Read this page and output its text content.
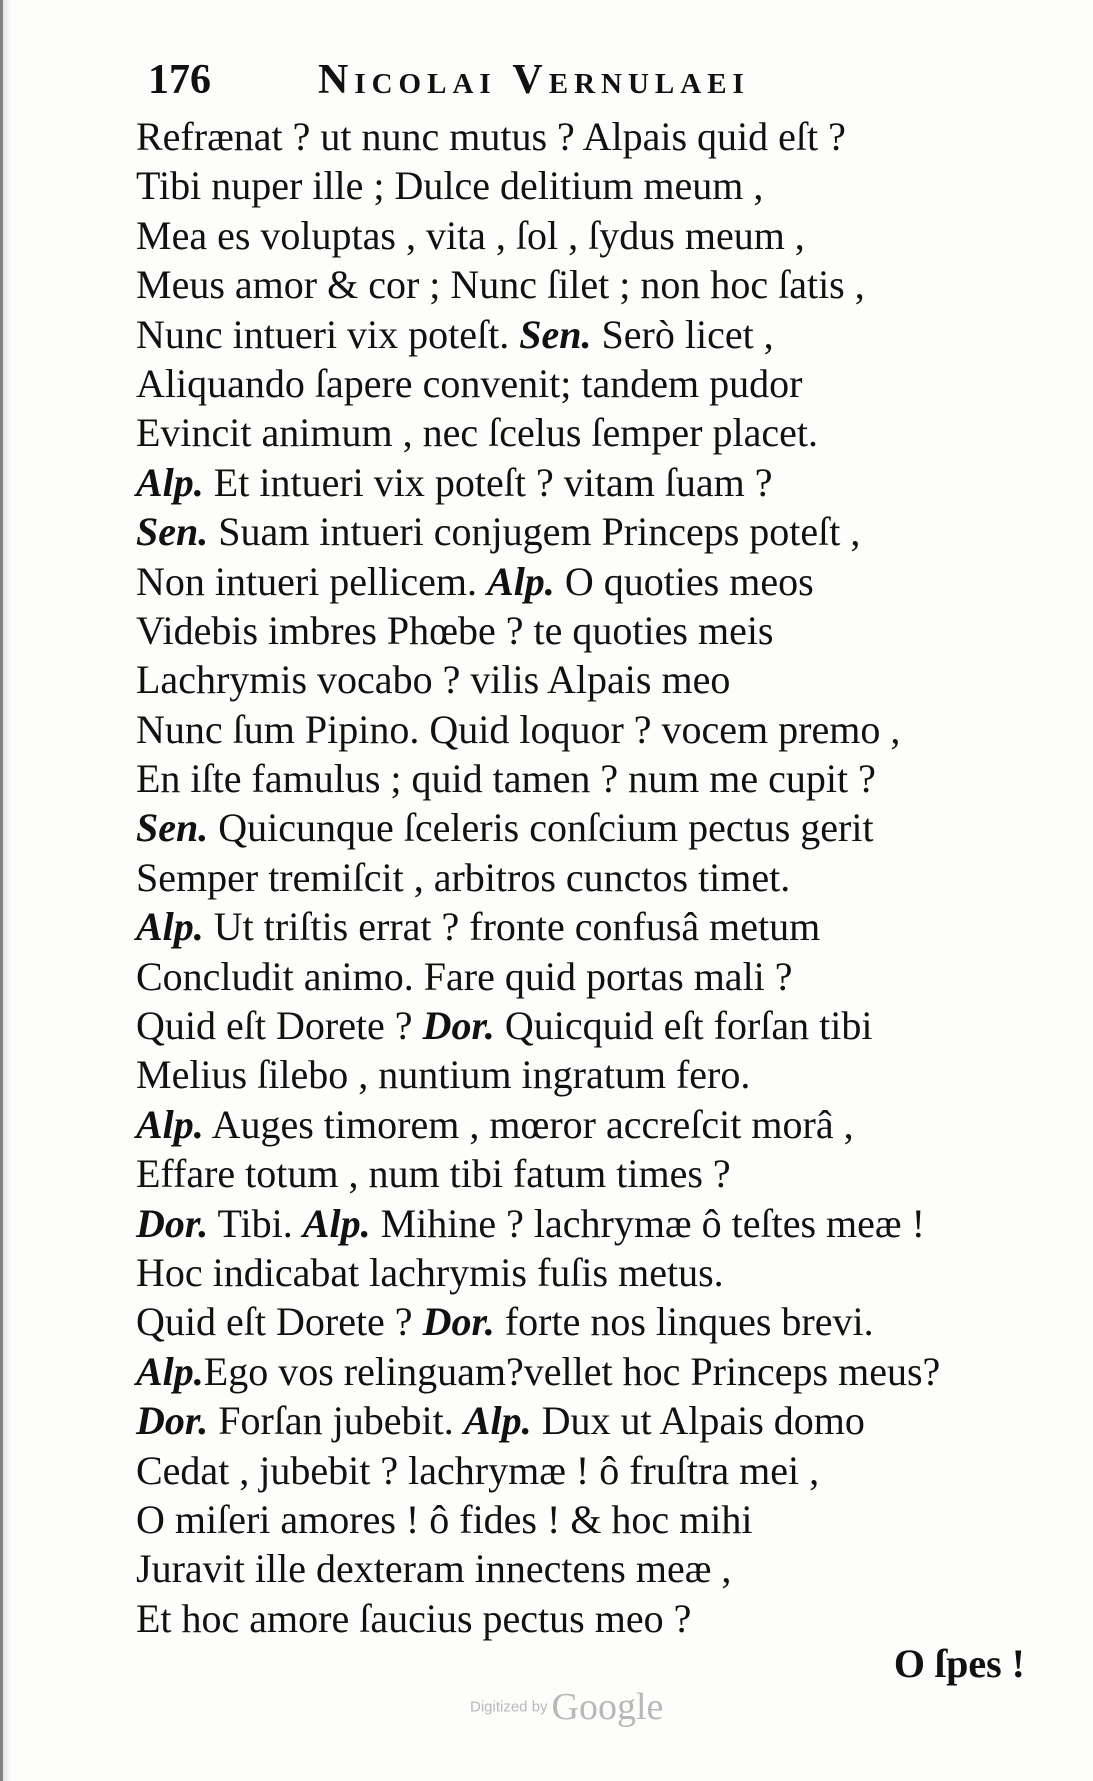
176	Nicolai Vernulaei
Refrænat ? ut nunc mutus ? Alpais quid eſt ?
Tibi nuper ille ; Dulce delitium meum ,
Mea es voluptas , vita , ſol , ſydus meum ,
Meus amor & cor ; Nunc ſilet ; non hoc ſatis ,
Nunc intueri vix poteſt. Sen. Serò licet ,
Aliquando ſapere convenit; tandem pudor
Evincit animum , nec ſcelus ſemper placet.
Alp. Et intueri vix poteſt ? vitam ſuam ?
Sen. Suam intueri conjugem Princeps poteſt ,
Non intueri pellicem. Alp. O quoties meos
Videbis imbres Phœbe ? te quoties meis
Lachrymis vocabo ? vilis Alpais meo
Nunc ſum Pipino. Quid loquor ? vocem premo ,
En iſte famulus ; quid tamen ? num me cupit ?
Sen. Quicunque ſceleris conſcium pectus gerit
Semper tremiſcit , arbitros cunctos timet.
Alp. Ut triſtis errat ? fronte confusâ metum
Concludit animo. Fare quid portas mali ?
Quid eſt Dorete ? Dor. Quicquid eſt forſan tibi
Melius ſilebo , nuntium ingratum fero.
Alp. Auges timorem , mœror accreſcit morâ ,
Effare totum , num tibi fatum times ?
Dor. Tibi. Alp. Mihine ? lachrymæ ô teſtes meæ !
Hoc indicabat lachrymis fuſis metus.
Quid eſt Dorete ? Dor. forte nos linques brevi.
Alp.Ego vos relinguam?vellet hoc Princeps meus?
Dor. Forſan jubebit. Alp. Dux ut Alpais domo
Cedat , jubebit ? lachrymæ ! ô fruſtra mei ,
O miſeri amores ! ô fides ! & hoc mihi
Juravit ille dexteram innectens meæ ,
Et hoc amore ſaucius pectus meo ?
O ſpes !
Digitized by Google
